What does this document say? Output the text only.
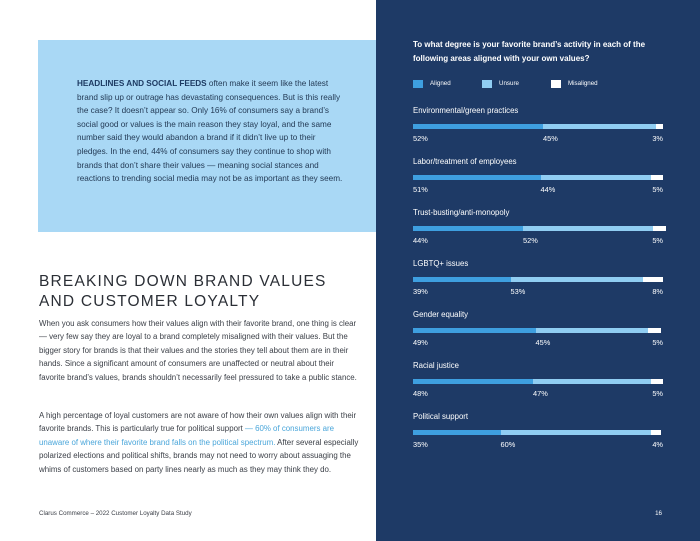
HEADLINES AND SOCIAL FEEDS often make it seem like the latest brand slip up or outrage has devastating consequences. But is this really the case? It doesn’t appear so. Only 16% of consumers say a brand’s social good or values is the main reason they stay loyal, and the same number said they would abandon a brand if it didn’t live up to their pledges. In the end, 44% of consumers say they continue to shop with brands that don’t share their values — meaning social stances and reactions to trending social media may not be as important as they seem.
BREAKING DOWN BRAND VALUES AND CUSTOMER LOYALTY
When you ask consumers how their values align with their favorite brand, one thing is clear — very few say they are loyal to a brand completely misaligned with their values. But the bigger story for brands is that their values and the stories they tell about them are in their hands. Since a significant amount of consumers are unaffected or neutral about their favorite brand’s values, brands shouldn’t necessarily feel pressured to take a public stance.
A high percentage of loyal customers are not aware of how their own values align with their favorite brands. This is particularly true for political support — 60% of consumers are unaware of where their favorite brand falls on the political spectrum. After several especially polarized elections and political shifts, brands may not need to worry about assuaging the whims of customers based on party lines nearly as much as they may think they do.
Clarus Commerce – 2022 Customer Loyalty Data Study
To what degree is your favorite brand’s activity in each of the following areas aligned with your own values?
Aligned	Unsure	Misaligned
Environmental/green practices
52%	45%	3%
Labor/treatment of employees
51%	44%	5%
Trust-busting/anti-monopoly
44%	52%	5%
LGBTQ+ issues
39%	53%	8%
Gender equality
49%	45%	5%
Racial justice
48%	47%	5%
Political support
35%	60%	4%
16
